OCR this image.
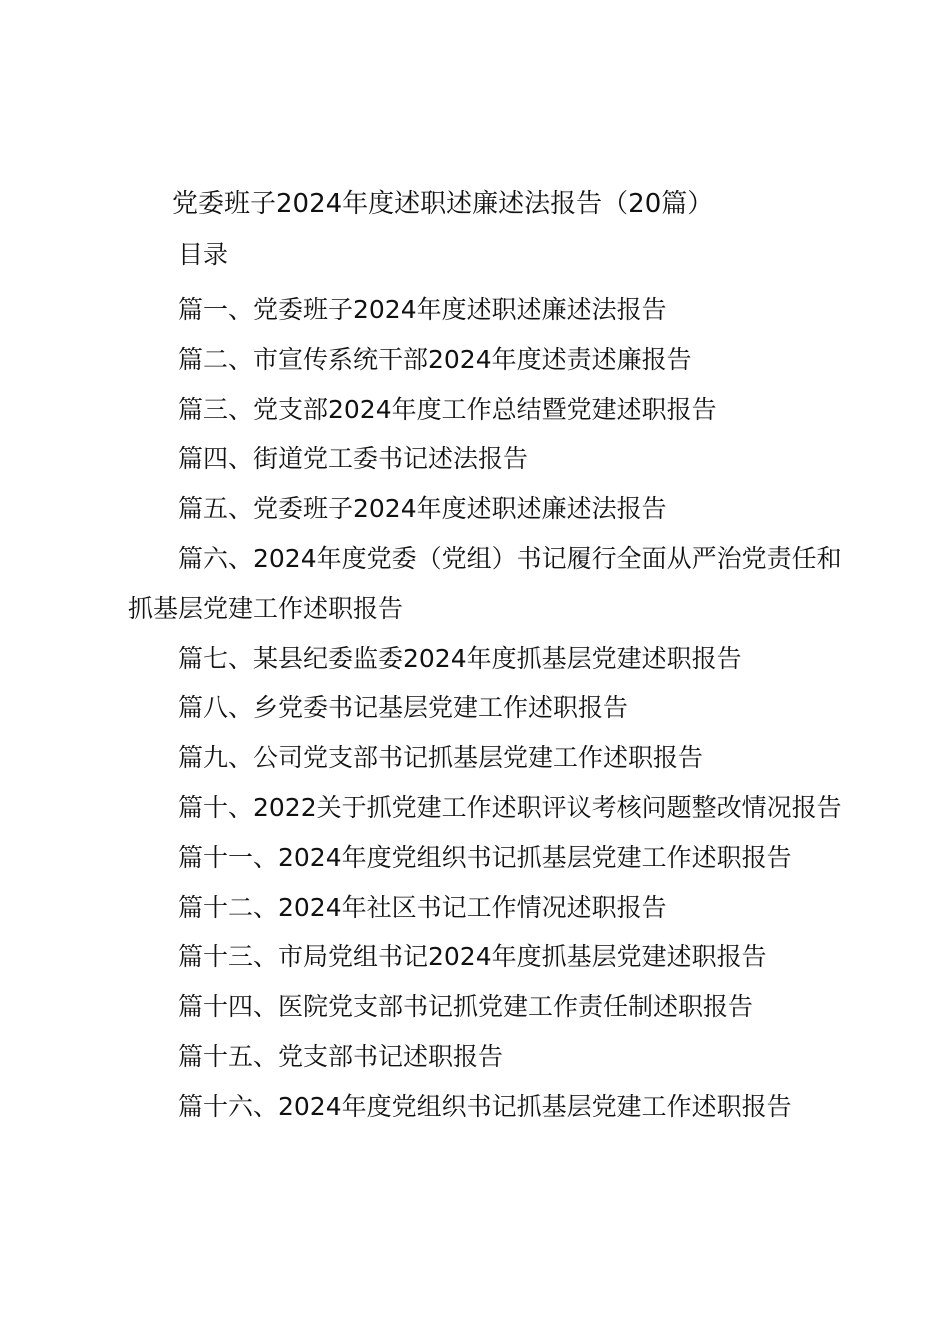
党委班子2024年度述职述廉述法报告（20篇）
目录
篇一、党委班子2024年度述职述廉述法报告
篇二、市宣传系统干部2024年度述责述廉报告
篇三、党支部2024年度工作总结暨党建述职报告
篇四、街道党工委书记述法报告
篇五、党委班子2024年度述职述廉述法报告
篇六、2024年度党委（党组）书记履行全面从严治党责任和抓基层党建工作述职报告
篇七、某县纪委监委2024年度抓基层党建述职报告
篇八、乡党委书记基层党建工作述职报告
篇九、公司党支部书记抓基层党建工作述职报告
篇十、2022关于抓党建工作述职评议考核问题整改情况报告
篇十一、2024年度党组织书记抓基层党建工作述职报告
篇十二、2024年社区书记工作情况述职报告
篇十三、市局党组书记2024年度抓基层党建述职报告
篇十四、医院党支部书记抓党建工作责任制述职报告
篇十五、党支部书记述职报告
篇十六、2024年度党组织书记抓基层党建工作述职报告
